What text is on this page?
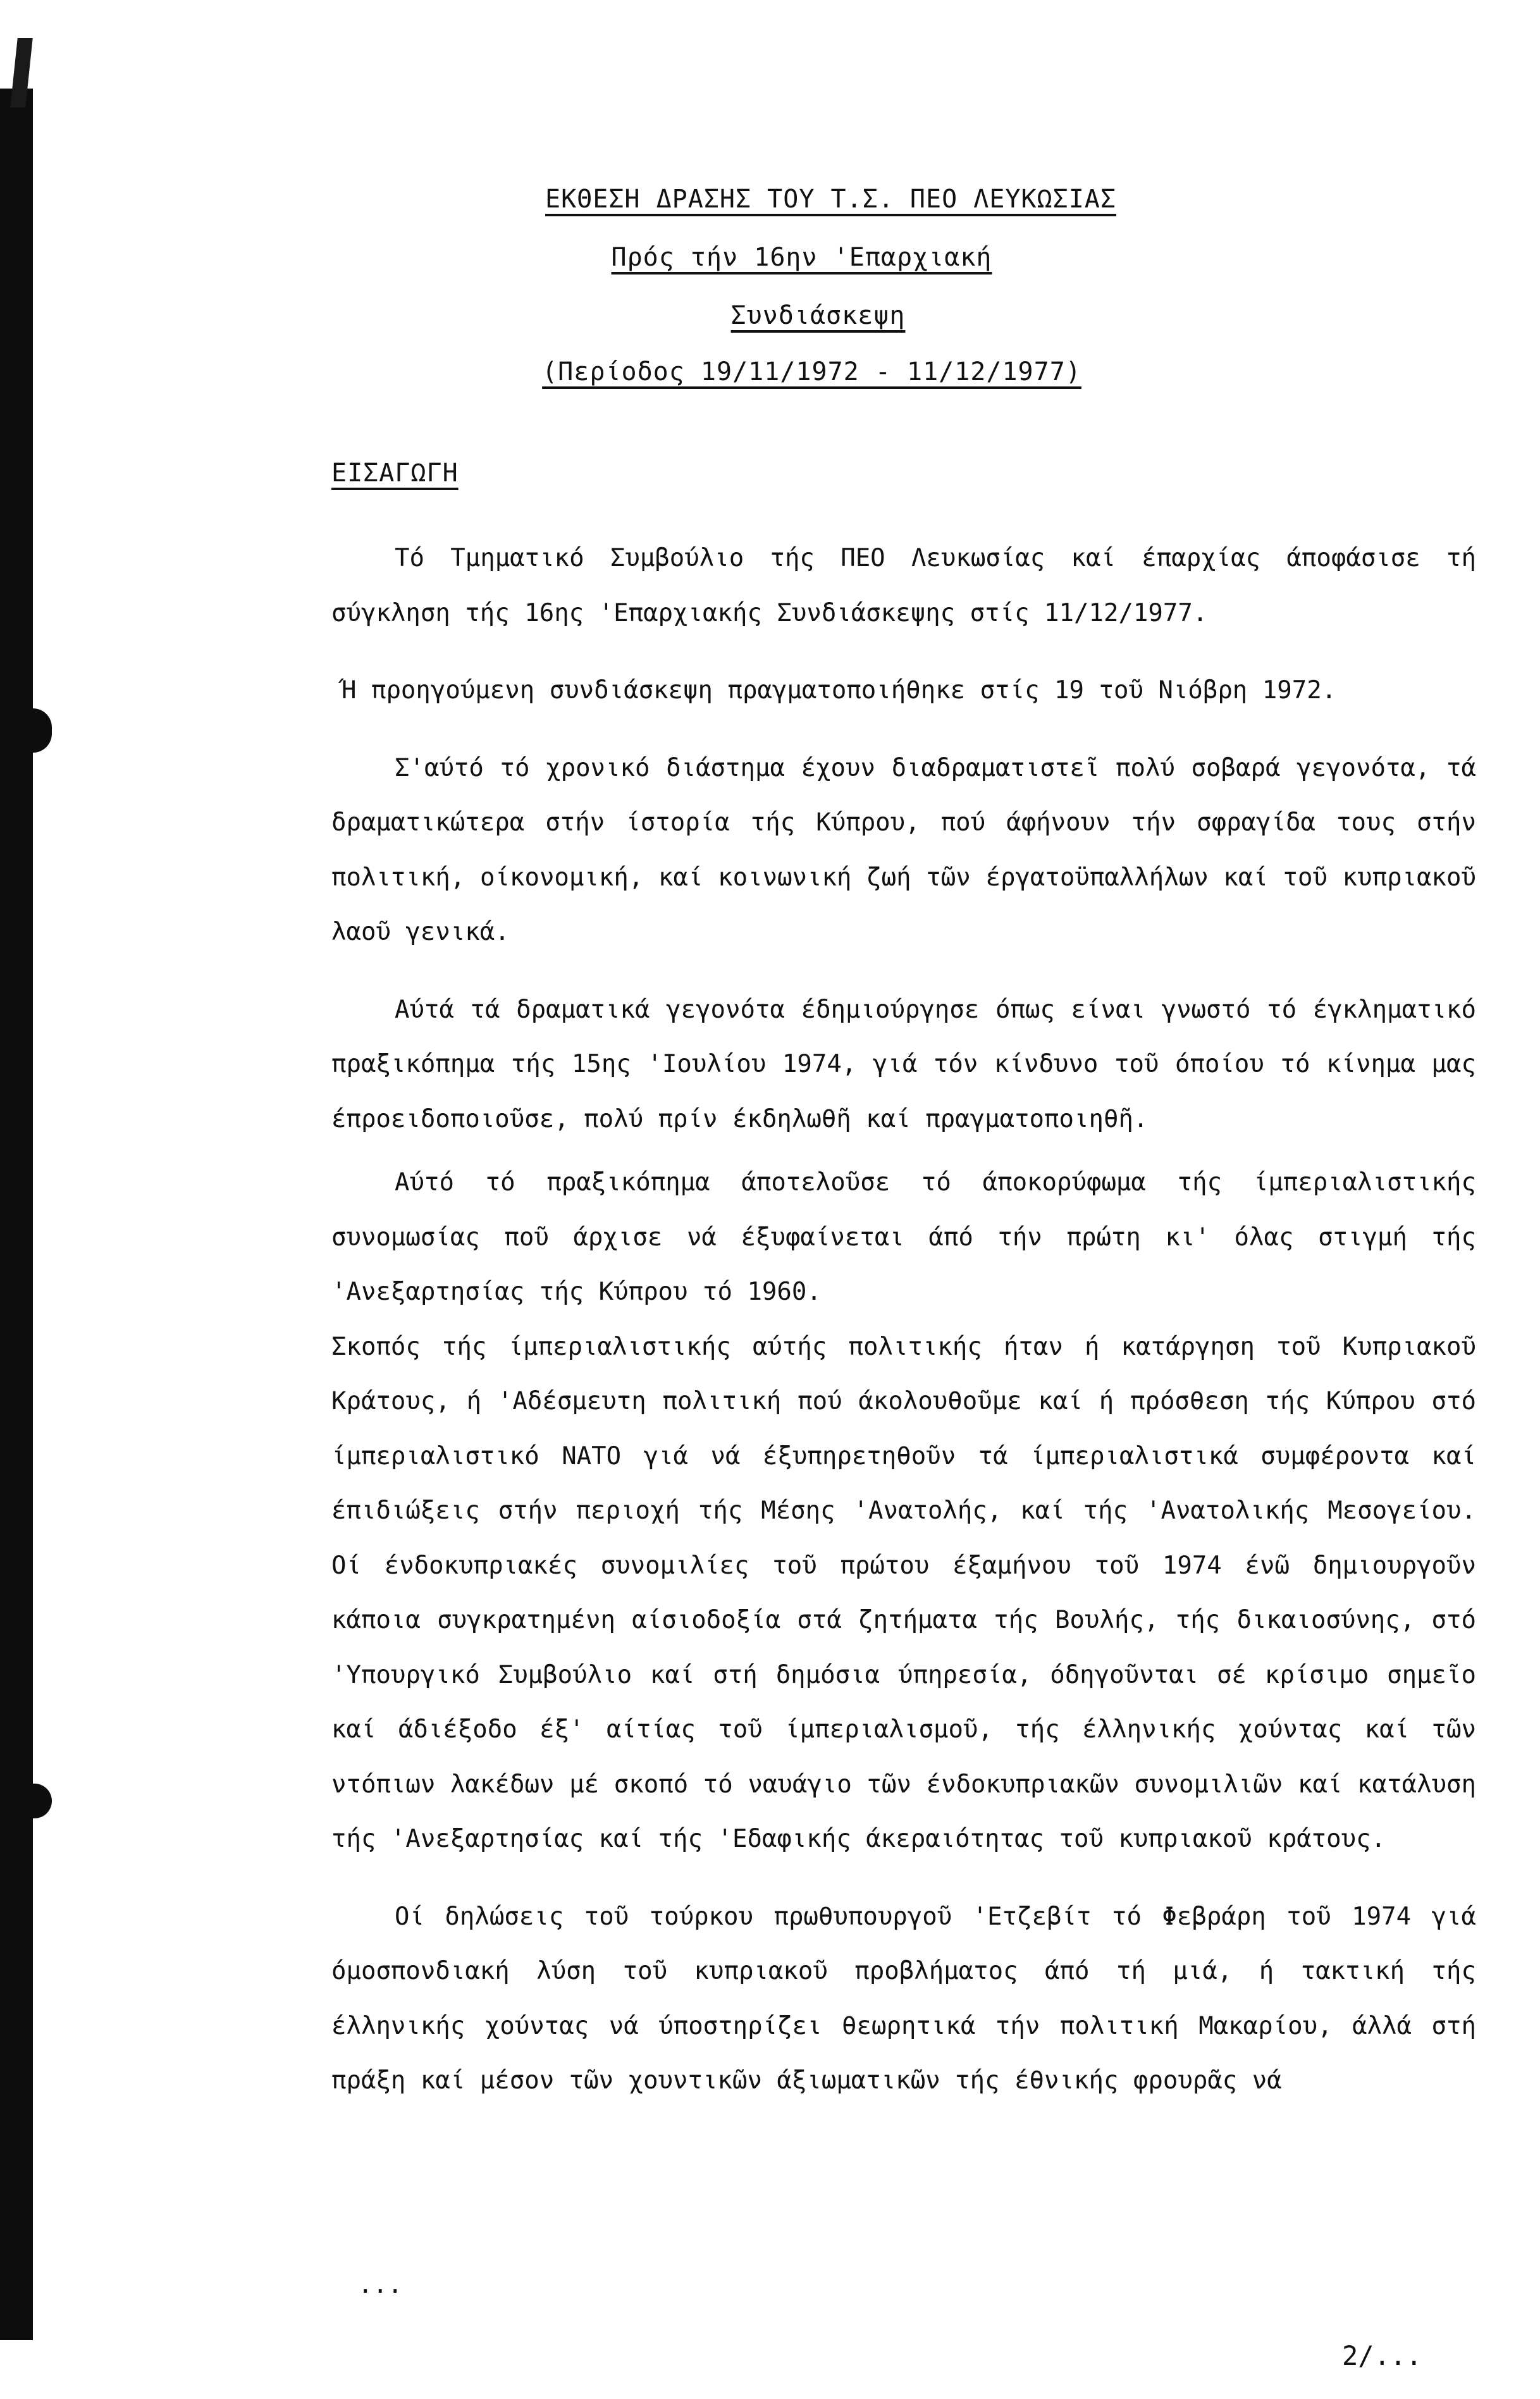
ΕΚΘΕΣΗ ΔΡΑΣΗΣ ΤΟΥ Τ.Σ. ΠΕΟ ΛΕΥΚΩΣΙΑΣ
Πρός τήν 16ην 'Επαρχιακή
Συνδιάσκεψη
(Περίοδος 19/11/1972 - 11/12/1977)
ΕΙΣΑΓΩΓΗ

Τό Τμηματικό Συμβούλιο τής ΠΕΟ Λευκωσίας καί έπαρχίας άποφάσισε τή σύγκληση τής 16ης 'Επαρχιακής Συνδιάσκεψης στίς 11/12/1977.

Ή προηγούμενη συνδιάσκεψη πραγματοποιήθηκε στίς 19 τοῦ Νιόβρη 1972.

Σ'αύτό τό χρονικό διάστημα έχουν διαδραματιστεῖ πολύ σοβαρά γεγονότα, τά δραματικώτερα στήν ίστορία τής Κύπρου, πού άφήνουν τήν σφραγίδα τους στήν πολιτική, οίκονομική, καί κοινωνική ζωή τῶν έργατοϋπαλλήλων καί τοῦ κυπριακοῦ λαοῦ γενικά.

Αύτά τά δραματικά γεγονότα έδημιούργησε όπως είναι γνωστό τό έγκληματικό πραξικόπημα τής 15ης 'Ιουλίου 1974, γιά τόν κίνδυνο τοῦ όποίου τό κίνημα μας έπροειδοποιοῦσε, πολύ πρίν έκδηλωθῆ καί πραγματοποιηθῆ.

Αύτό τό πραξικόπημα άποτελοῦσε τό άποκορύφωμα τής ίμπεριαλιστικής συνομωσίας ποῦ άρχισε νά έξυφαίνεται άπό τήν πρώτη κι' όλας στιγμή τής 'Ανεξαρτησίας τής Κύπρου τό 1960.

Σκοπός τής ίμπεριαλιστικής αύτής πολιτικής ήταν ή κατάργηση τοῦ Κυπριακοῦ Κράτους, ή 'Αδέσμευτη πολιτική πού άκολουθοῦμε καί ή πρόσθεση τής Κύπρου στό ίμπεριαλιστικό ΝΑΤΟ γιά νά έξυπηρετηθοῦν τά ίμπεριαλιστικά συμφέροντα καί έπιδιώξεις στήν περιοχή τής Μέσης 'Ανατολής, καί τής 'Ανατολικής Μεσογείου. Οί ένδοκυπριακές συνομιλίες τοῦ πρώτου έξαμήνου τοῦ 1974 ένῶ δημιουργοῦν κάποια συγκρατημένη αίσιοδοξία στά ζητήματα τής Βουλής, τής δικαιοσύνης, στό 'Υπουργικό Συμβούλιο καί στή δημόσια ύπηρεσία, όδηγοῦνται σέ κρίσιμο σημεῖο καί άδιέξοδο έξ' αίτίας τοῦ ίμπεριαλισμοῦ, τής έλληνικής χούντας καί τῶν ντόπιων λακέδων μέ σκοπό τό ναυάγιο τῶν ένδοκυπριακῶν συνομιλιῶν καί κατάλυση τής 'Ανεξαρτησίας καί τής 'Εδαφικής άκεραιότητας τοῦ κυπριακοῦ κράτους.

Οί δηλώσεις τοῦ τούρκου πρωθυπουργοῦ 'Ετζεβίτ τό Φεβράρη τοῦ 1974 γιά όμοσπονδιακή λύση τοῦ κυπριακοῦ προβλήματος άπό τή μιά, ή τακτική τής έλληνικής χούντας νά ύποστηρίζει θεωρητικά τήν πολιτική Μακαρίου, άλλά στή πράξη καί μέσον τῶν χουντικῶν άξιωματικῶν τής έθνικής φρουρᾶς νά

...
2/...
